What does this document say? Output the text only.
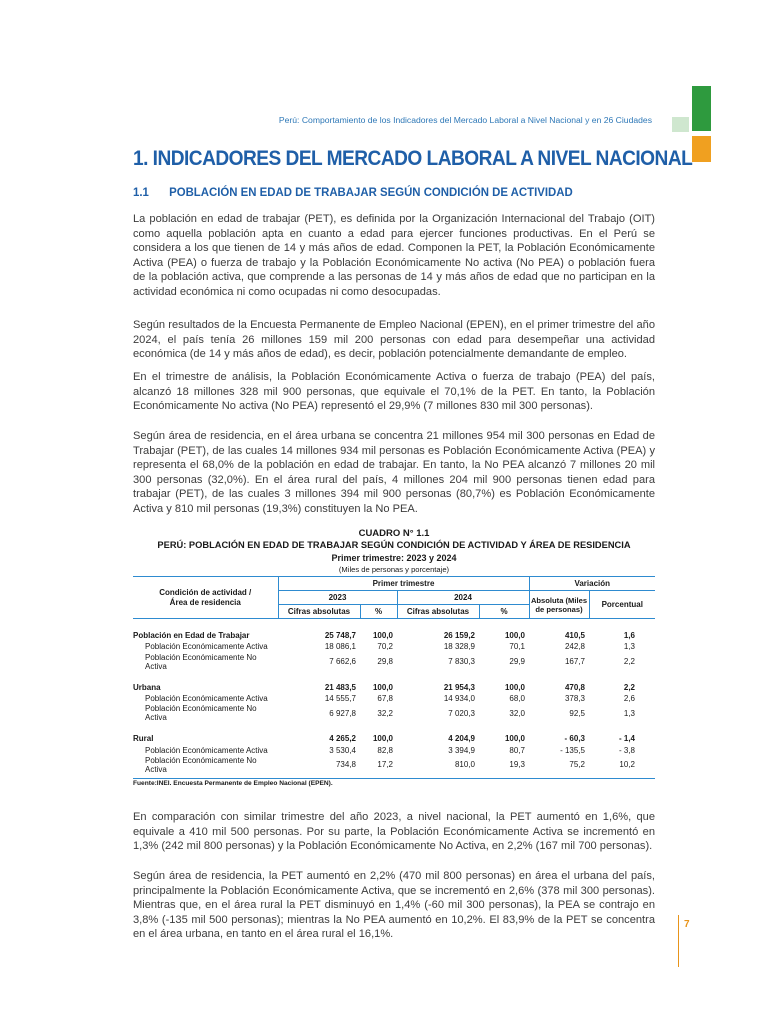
Perú: Comportamiento de los Indicadores del Mercado Laboral a Nivel Nacional y en 26 Ciudades
1. INDICADORES DEL MERCADO LABORAL A NIVEL NACIONAL
1.1 POBLACIÓN EN EDAD DE TRABAJAR SEGÚN CONDICIÓN DE ACTIVIDAD

La población en edad de trabajar (PET), es definida por la Organización Internacional del Trabajo (OIT) como aquella población apta en cuanto a edad para ejercer funciones productivas. En el Perú se considera a los que tienen de 14 y más años de edad. Componen la PET, la Población Económicamente Activa (PEA) o fuerza de trabajo y la Población Económicamente No activa (No PEA) o población fuera de la población activa, que comprende a las personas de 14 y más años de edad que no participan en la actividad económica ni como ocupadas ni como desocupadas.

Según resultados de la Encuesta Permanente de Empleo Nacional (EPEN), en el primer trimestre del año 2024, el país tenía 26 millones 159 mil 200 personas con edad para desempeñar una actividad económica (de 14 y más años de edad), es decir, población potencialmente demandante de empleo.

En el trimestre de análisis, la Población Económicamente Activa o fuerza de trabajo (PEA) del país, alcanzó 18 millones 328 mil 900 personas, que equivale el 70,1% de la PET. En tanto, la Población Económicamente No activa (No PEA) representó el 29,9% (7 millones 830 mil 300 personas).

Según área de residencia, en el área urbana se concentra 21 millones 954 mil 300 personas en Edad de Trabajar (PET), de las cuales 14 millones 934 mil personas es Población Económicamente Activa (PEA) y representa el 68,0% de la población en edad de trabajar. En tanto, la No PEA alcanzó 7 millones 20 mil 300 personas (32,0%). En el área rural del país, 4 millones 204 mil 900 personas tienen edad para trabajar (PET), de las cuales 3 millones 394 mil 900 personas (80,7%) es Población Económicamente Activa y 810 mil personas (19,3%) constituyen la No PEA.

CUADRO N° 1.1
PERÚ: POBLACIÓN EN EDAD DE TRABAJAR SEGÚN CONDICIÓN DE ACTIVIDAD Y ÁREA DE RESIDENCIA
Primer trimestre: 2023 y 2024
(Miles de personas y porcentaje)
Condición de actividad /
Área de residencia	Primer trimestre				Variación	
	2023		2024		Absoluta (Miles de personas)	Porcentual
	Cifras absolutas	%	Cifras absolutas	%		

Población en Edad de Trabajar	25 748,7	100,0	26 159,2	100,0	410,5	1,6
Población Económicamente Activa	18 086,1	70,2	18 328,9	70,1	242,8	1,3
Población Económicamente No Activa	7 662,6	29,8	7 830,3	29,9	167,7	2,2

Urbana	21 483,5	100,0	21 954,3	100,0	470,8	2,2
Población Económicamente Activa	14 555,7	67,8	14 934,0	68,0	378,3	2,6
Población Económicamente No Activa	6 927,8	32,2	7 020,3	32,0	92,5	1,3

Rural	4 265,2	100,0	4 204,9	100,0	- 60,3	- 1,4
Población Económicamente Activa	3 530,4	82,8	3 394,9	80,7	- 135,5	- 3,8
Población Económicamente No Activa	734,8	17,2	810,0	19,3	75,2	10,2
Fuente:INEI. Encuesta Permanente de Empleo Nacional (EPEN).

En comparación con similar trimestre del año 2023, a nivel nacional, la PET aumentó en 1,6%, que equivale a 410 mil 500 personas. Por su parte, la Población Económicamente Activa se incrementó en 1,3% (242 mil 800 personas) y la Población Económicamente No Activa, en 2,2% (167 mil 700 personas).

Según área de residencia, la PET aumentó en 2,2% (470 mil 800 personas) en área el urbana del país, principalmente la Población Económicamente Activa, que se incrementó en 2,6% (378 mil 300 personas). Mientras que, en el área rural la PET disminuyó en 1,4% (-60 mil 300 personas), la PEA se contrajo en 3,8% (-135 mil 500 personas); mientras la No PEA aumentó en 10,2%. El 83,9% de la PET se concentra en el área urbana, en tanto en el área rural el 16,1%.

7
